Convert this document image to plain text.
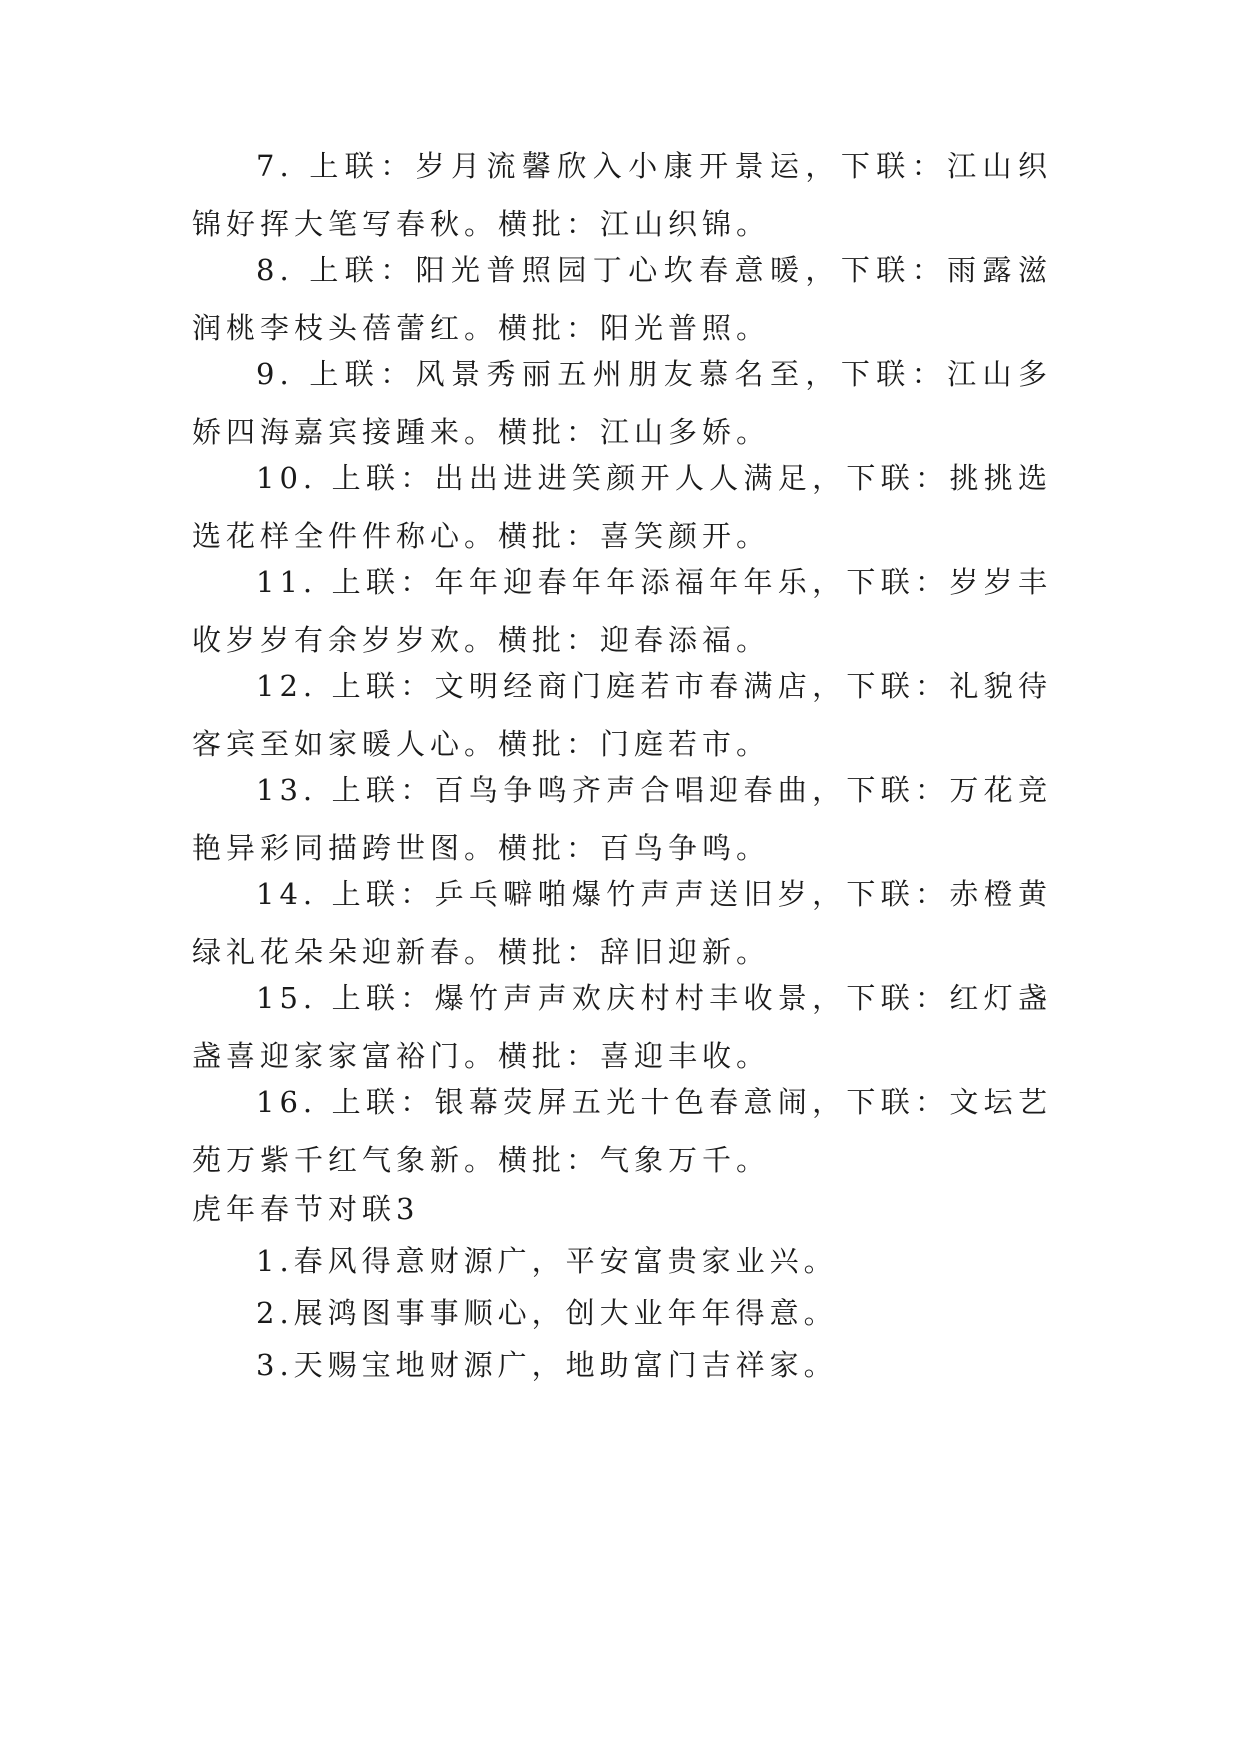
7. 上联：岁月流馨欣入小康开景运，下联：江山织锦好挥大笔写春秋。横批：江山织锦。

8. 上联：阳光普照园丁心坎春意暖，下联：雨露滋润桃李枝头蓓蕾红。横批：阳光普照。

9. 上联：风景秀丽五州朋友慕名至，下联：江山多娇四海嘉宾接踵来。横批：江山多娇。

10. 上联：出出进进笑颜开人人满足，下联：挑挑选选花样全件件称心。横批：喜笑颜开。

11. 上联：年年迎春年年添福年年乐，下联：岁岁丰收岁岁有余岁岁欢。横批：迎春添福。

12. 上联：文明经商门庭若市春满店，下联：礼貌待客宾至如家暖人心。横批：门庭若市。

13. 上联：百鸟争鸣齐声合唱迎春曲，下联：万花竞艳异彩同描跨世图。横批：百鸟争鸣。

14. 上联：乒乓噼啪爆竹声声送旧岁，下联：赤橙黄绿礼花朵朵迎新春。横批：辞旧迎新。

15. 上联：爆竹声声欢庆村村丰收景，下联：红灯盏盏喜迎家家富裕门。横批：喜迎丰收。

16. 上联：银幕荧屏五光十色春意闹，下联：文坛艺苑万紫千红气象新。横批：气象万千。

虎年春节对联3

1.春风得意财源广，平安富贵家业兴。

2.展鸿图事事顺心，创大业年年得意。

3.天赐宝地财源广，地助富门吉祥家。
